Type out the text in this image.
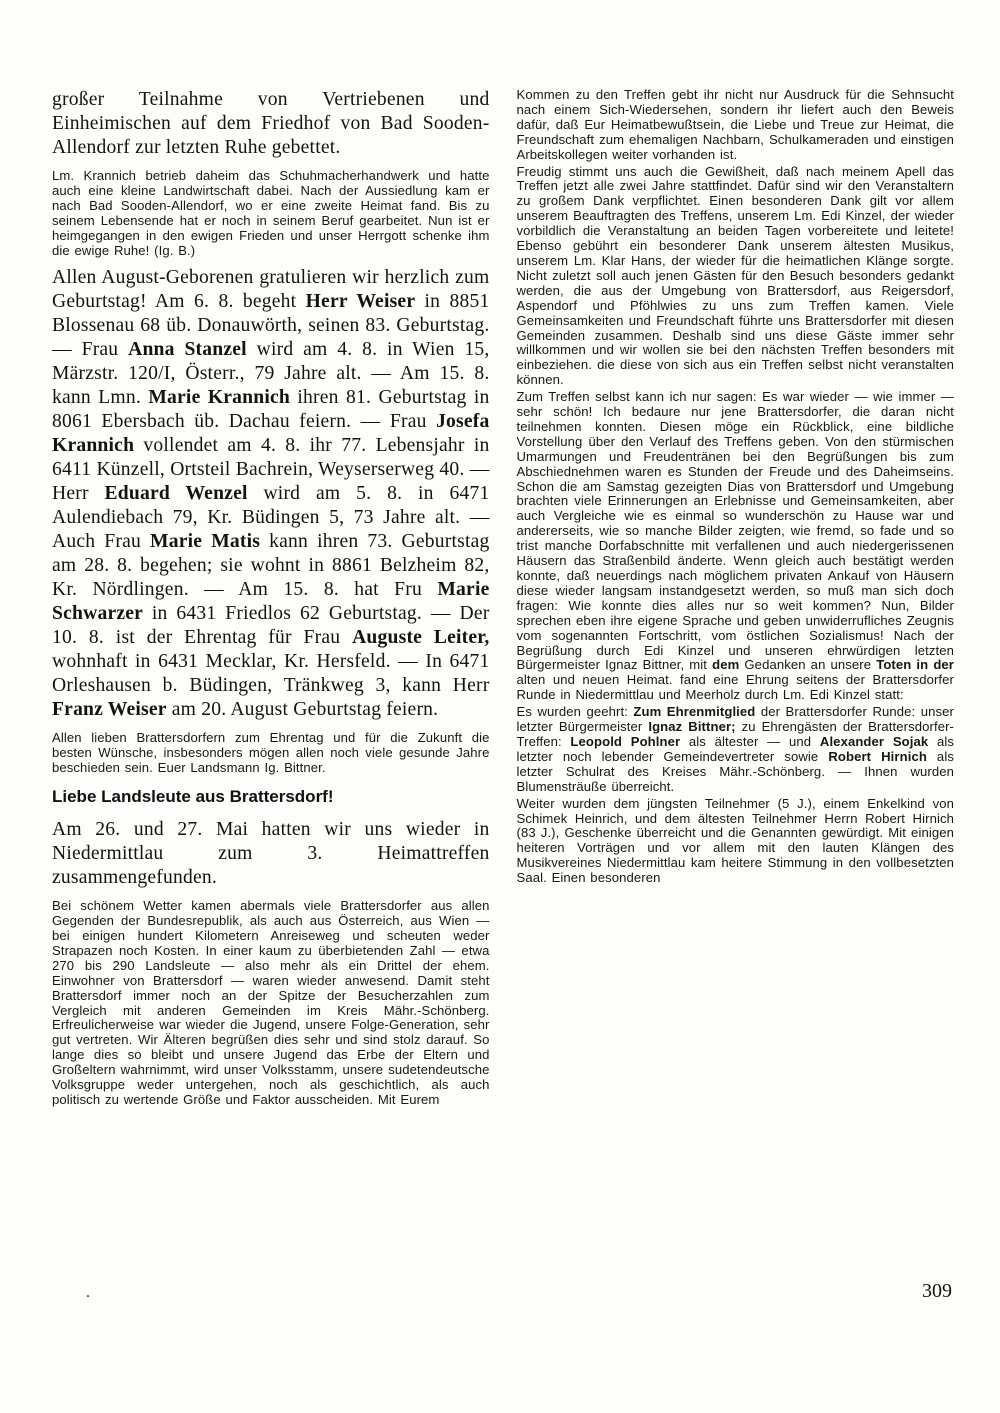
großer Teilnahme von Vertriebenen und Einheimischen auf dem Friedhof von Bad Sooden-Allendorf zur letzten Ruhe gebettet.

Lm. Krannich betrieb daheim das Schuhmacherhandwerk und hatte auch eine kleine Landwirtschaft dabei. Nach der Aussiedlung kam er nach Bad Sooden-Allendorf, wo er eine zweite Heimat fand. Bis zu seinem Lebensende hat er noch in seinem Beruf gearbeitet. Nun ist er heimgegangen in den ewigen Frieden und unser Herrgott schenke ihm die ewige Ruhe! (Ig. B.)

Allen August-Geborenen gratulieren wir herzlich zum Geburtstag! Am 6. 8. begeht Herr Weiser in 8851 Blossenau 68 üb. Donauwörth, seinen 83. Geburtstag. — Frau Anna Stanzel wird am 4. 8. in Wien 15, Märzstr. 120/I, Österr., 79 Jahre alt. — Am 15. 8. kann Lmn. Marie Krannich ihren 81. Geburtstag in 8061 Ebersbach üb. Dachau feiern. — Frau Josefa Krannich vollendet am 4. 8. ihr 77. Lebensjahr in 6411 Künzell, Ortsteil Bachrein, Weyserserweg 40. — Herr Eduard Wenzel wird am 5. 8. in 6471 Aulendiebach 79, Kr. Büdingen 5, 73 Jahre alt. — Auch Frau Marie Matis kann ihren 73. Geburtstag am 28. 8. begehen; sie wohnt in 8861 Belzheim 82, Kr. Nördlingen. — Am 15. 8. hat Fru Marie Schwarzer in 6431 Friedlos 62 Geburtstag. — Der 10. 8. ist der Ehrentag für Frau Auguste Leiter, wohnhaft in 6431 Mecklar, Kr. Hersfeld. — In 6471 Orleshausen b. Büdingen, Tränkweg 3, kann Herr Franz Weiser am 20. August Geburtstag feiern.

Allen lieben Brattersdorfern zum Ehrentag und für die Zukunft die besten Wünsche, insbesonders mögen allen noch viele gesunde Jahre beschieden sein. Euer Landsmann Ig. Bittner.

Liebe Landsleute aus Brattersdorf!

Am 26. und 27. Mai hatten wir uns wieder in Niedermittlau zum 3. Heimattreffen zusammengefunden.

Bei schönem Wetter kamen abermals viele Brattersdorfer aus allen Gegenden der Bundesrepublik, als auch aus Österreich, aus Wien — bei einigen hundert Kilometern Anreiseweg und scheuten weder Strapazen noch Kosten. In einer kaum zu überbietenden Zahl — etwa 270 bis 290 Landsleute — also mehr als ein Drittel der ehem. Einwohner von Brattersdorf — waren wieder anwesend. Damit steht Brattersdorf immer noch an der Spitze der Besucherzahlen zum Vergleich mit anderen Gemeinden im Kreis Mähr.-Schönberg. Erfreulicherweise war wieder die Jugend, unsere Folge-Generation, sehr gut vertreten. Wir Älteren begrüßen dies sehr und sind stolz darauf. So lange dies so bleibt und unsere Jugend das Erbe der Eltern und Großeltern wahrnimmt, wird unser Volksstamm, unsere sudetendeutsche Volksgruppe weder untergehen, noch als geschichtlich, als auch politisch zu wertende Größe und Faktor ausscheiden. Mit Eurem

Kommen zu den Treffen gebt ihr nicht nur Ausdruck für die Sehnsucht nach einem Sich-Wiedersehen, sondern ihr liefert auch den Beweis dafür, daß Eur Heimatbewußtsein, die Liebe und Treue zur Heimat, die Freundschaft zum ehemaligen Nachbarn, Schulkameraden und einstigen Arbeitskollegen weiter vorhanden ist.

Freudig stimmt uns auch die Gewißheit, daß nach meinem Apell das Treffen jetzt alle zwei Jahre stattfindet. Dafür sind wir den Veranstaltern zu großem Dank verpflichtet. Einen besonderen Dank gilt vor allem unserem Beauftragten des Treffens, unserem Lm. Edi Kinzel, der wieder vorbildlich die Veranstaltung an beiden Tagen vorbereitete und leitete! Ebenso gebührt ein besonderer Dank unserem ältesten Musikus, unserem Lm. Klar Hans, der wieder für die heimatlichen Klänge sorgte. Nicht zuletzt soll auch jenen Gästen für den Besuch besonders gedankt werden, die aus der Umgebung von Brattersdorf, aus Reigersdorf, Aspendorf und Pföhlwies zu uns zum Treffen kamen. Viele Gemeinsamkeiten und Freundschaft führte uns Brattersdorfer mit diesen Gemeinden zusammen. Deshalb sind uns diese Gäste immer sehr willkommen und wir wollen sie bei den nächsten Treffen besonders mit einbeziehen. die diese von sich aus ein Treffen selbst nicht veranstalten können.

Zum Treffen selbst kann ich nur sagen: Es war wieder — wie immer — sehr schön! Ich bedaure nur jene Brattersdorfer, die daran nicht teilnehmen konnten. Diesen möge ein Rückblick, eine bildliche Vorstellung über den Verlauf des Treffens geben. Von den stürmischen Umarmungen und Freudentränen bei den Begrüßungen bis zum Abschiednehmen waren es Stunden der Freude und des Daheimseins. Schon die am Samstag gezeigten Dias von Brattersdorf und Umgebung brachten viele Erinnerungen an Erlebnisse und Gemeinsamkeiten, aber auch Vergleiche wie es einmal so wunderschön zu Hause war und andererseits, wie so manche Bilder zeigten, wie fremd, so fade und so trist manche Dorfabschnitte mit verfallenen und auch niedergerissenen Häusern das Straßenbild änderte. Wenn gleich auch bestätigt werden konnte, daß neuerdings nach möglichem privaten Ankauf von Häusern diese wieder langsam instandgesetzt werden, so muß man sich doch fragen: Wie konnte dies alles nur so weit kommen? Nun, Bilder sprechen eben ihre eigene Sprache und geben unwiderrufliches Zeugnis vom sogenannten Fortschritt, vom östlichen Sozialismus! Nach der Begrüßung durch Edi Kinzel und unseren ehrwürdigen letzten Bürgermeister Ignaz Bittner, mit dem Gedanken an unsere Toten in der alten und neuen Heimat. fand eine Ehrung seitens der Brattersdorfer Runde in Niedermittlau und Meerholz durch Lm. Edi Kinzel statt:

Es wurden geehrt: Zum Ehrenmitglied der Brattersdorfer Runde: unser letzter Bürgermeister Ignaz Bittner; zu Ehrengästen der Brattersdorfer-Treffen: Leopold Pohlner als ältester — und Alexander Sojak als letzter noch lebender Gemeindevertreter sowie Robert Hirnich als letzter Schulrat des Kreises Mähr.-Schönberg. — Ihnen wurden Blumensträuße überreicht.

Weiter wurden dem jüngsten Teilnehmer (5 J.), einem Enkelkind von Schimek Heinrich, und dem ältesten Teilnehmer Herrn Robert Hirnich (83 J.), Geschenke überreicht und die Genannten gewürdigt. Mit einigen heiteren Vorträgen und vor allem mit den lauten Klängen des Musikvereines Niedermittlau kam heitere Stimmung in den vollbesetzten Saal. Einen besonderen

.	309
